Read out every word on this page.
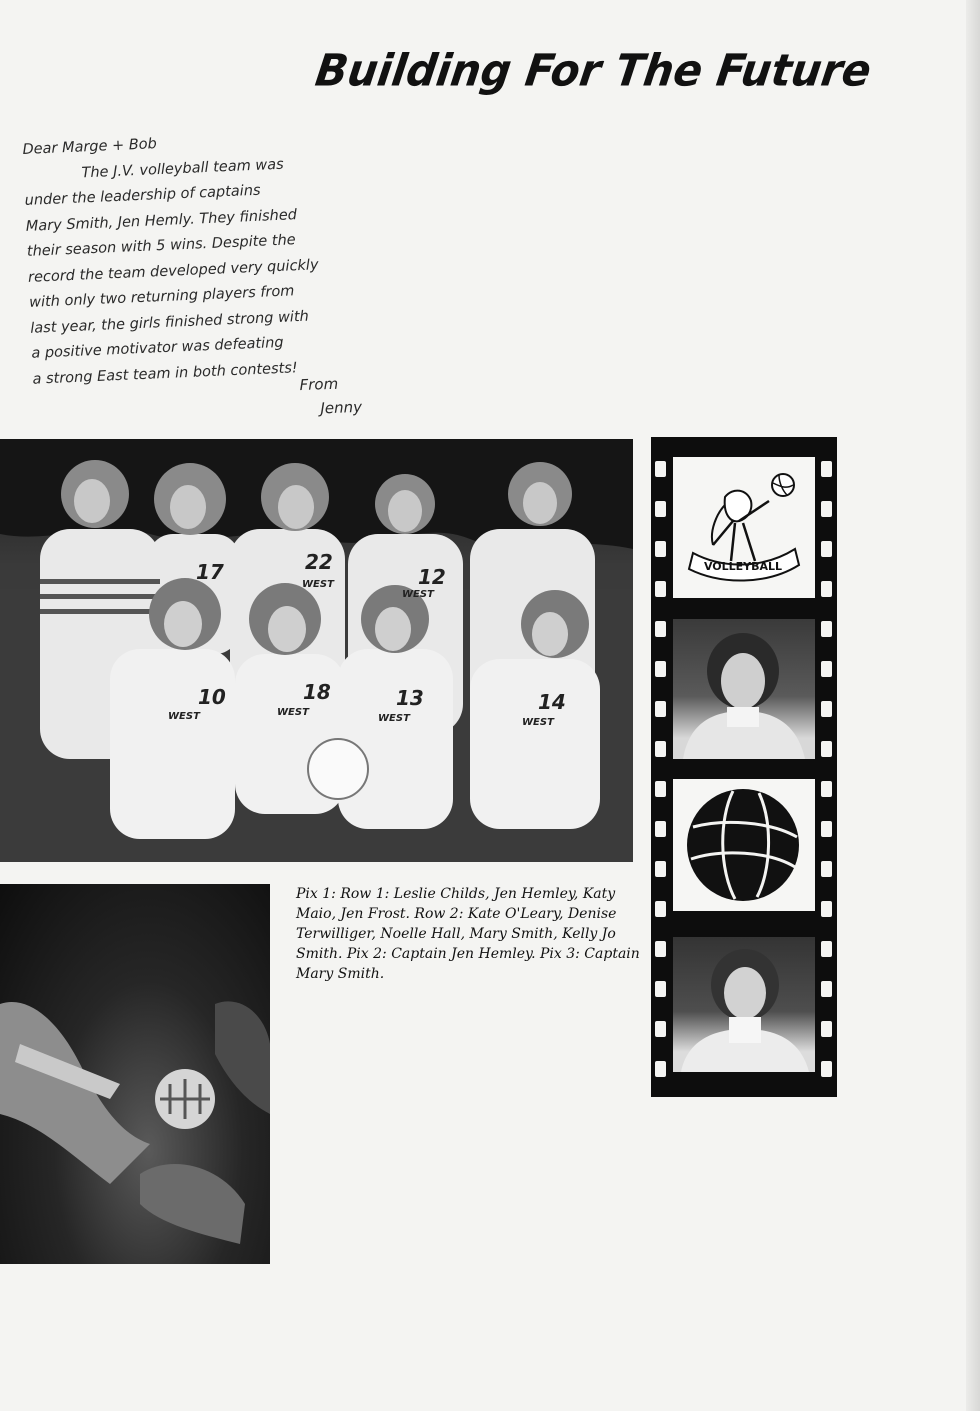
Building For The Future
Dear Marge + Bob
The J.V. volleyball team was
under the leadership of captains
Mary Smith, Jen Hemly. They finished
their season with 5 wins. Despite the
record the team developed very quickly
with only two returning players from
last year, the girls finished strong with
a positive motivator was defeating
a strong East team in both contests! From
Jenny
17	22
12
10	18	13	14
WEST
WEST
WEST	WEST
WEST	WEST
Pix 1: Row 1: Leslie Childs, Jen Hemley, Katy Maio, Jen Frost. Row 2: Kate O'Leary, Denise Terwilliger, Noelle Hall, Mary Smith, Kelly Jo Smith. Pix 2: Captain Jen Hemley. Pix 3: Captain Mary Smith.
VOLLEYBALL
